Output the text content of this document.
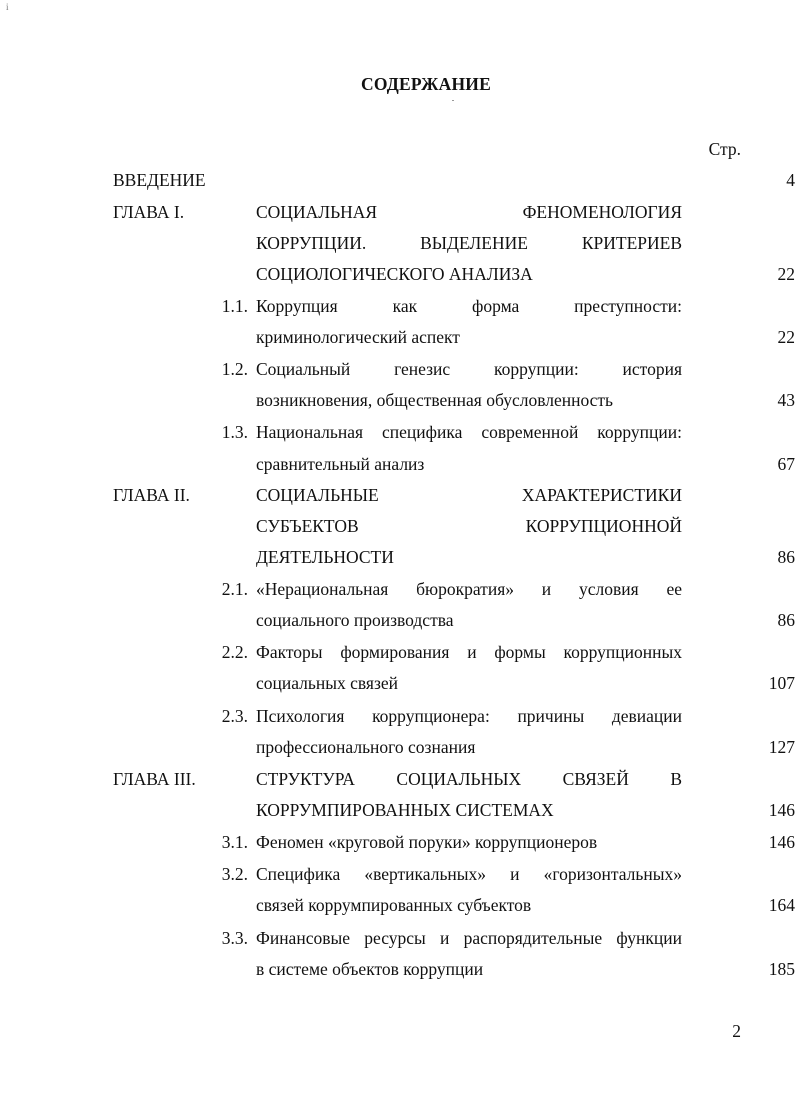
i
СОДЕРЖАНИЕ
Стр.
ВВЕДЕНИЕ	4
ГЛАВА I.	СОЦИАЛЬНАЯ ФЕНОМЕНОЛОГИЯ
КОРРУПЦИИ. ВЫДЕЛЕНИЕ КРИТЕРИЕВ
СОЦИОЛОГИЧЕСКОГО АНАЛИЗА	22
1.1. Коррупция как форма преступности:
криминологический аспект	22
1.2. Социальный генезис коррупции: история
возникновения, общественная обусловленность	43
1.3. Национальная специфика современной коррупции:
сравнительный анализ	67
ГЛАВА II.	СОЦИАЛЬНЫЕ ХАРАКТЕРИСТИКИ
СУБЪЕКТОВ КОРРУПЦИОННОЙ
ДЕЯТЕЛЬНОСТИ	86
2.1. «Нерациональная бюрократия» и условия ее
социального производства	86
2.2. Факторы формирования и формы коррупционных
социальных связей	107
2.3. Психология коррупционера: причины девиации
профессионального сознания	127
ГЛАВА III.	СТРУКТУРА СОЦИАЛЬНЫХ СВЯЗЕЙ В
КОРРУМПИРОВАННЫХ СИСТЕМАХ	146
3.1. Феномен «круговой поруки» коррупционеров	146
3.2. Специфика «вертикальных» и «горизонтальных»
связей коррумпированных субъектов	164
3.3. Финансовые ресурсы и распорядительные функции
в системе объектов коррупции	185
2
